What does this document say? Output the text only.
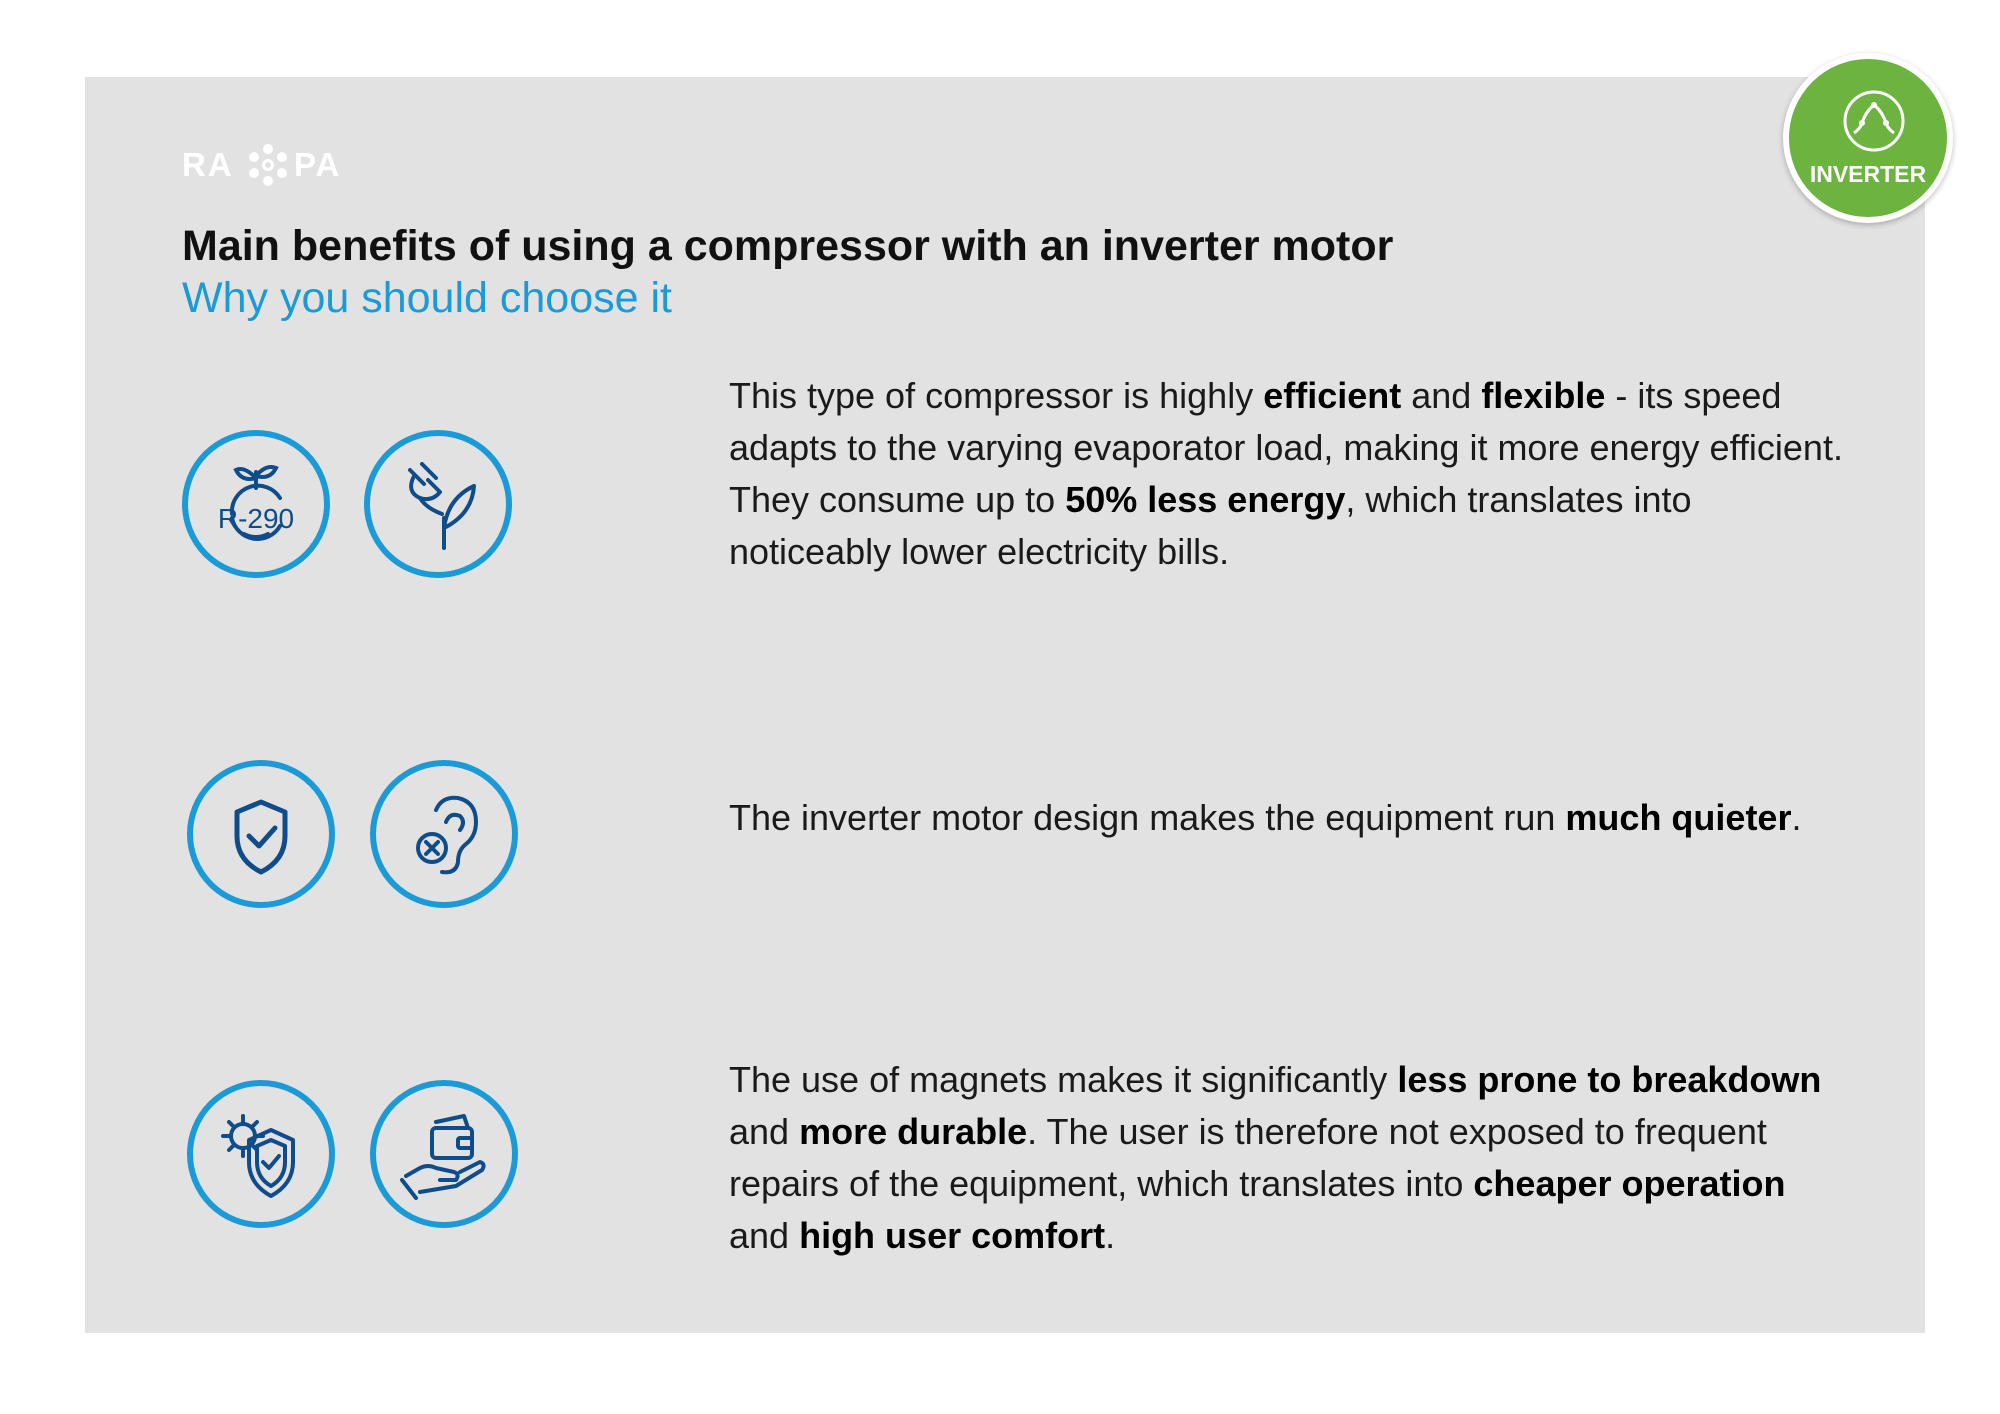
RA PA
Main benefits of using a compressor with an inverter motor
Why you should choose it
INVERTER
R-290
This type of compressor is highly efficient and flexible - its speed adapts to the varying evaporator load, making it more energy efficient. They consume up to 50% less energy, which translates into noticeably lower electricity bills.
The inverter motor design makes the equipment run much quieter.
The use of magnets makes it significantly less prone to breakdown and more durable. The user is therefore not exposed to frequent repairs of the equipment, which translates into cheaper operation and high user comfort.
